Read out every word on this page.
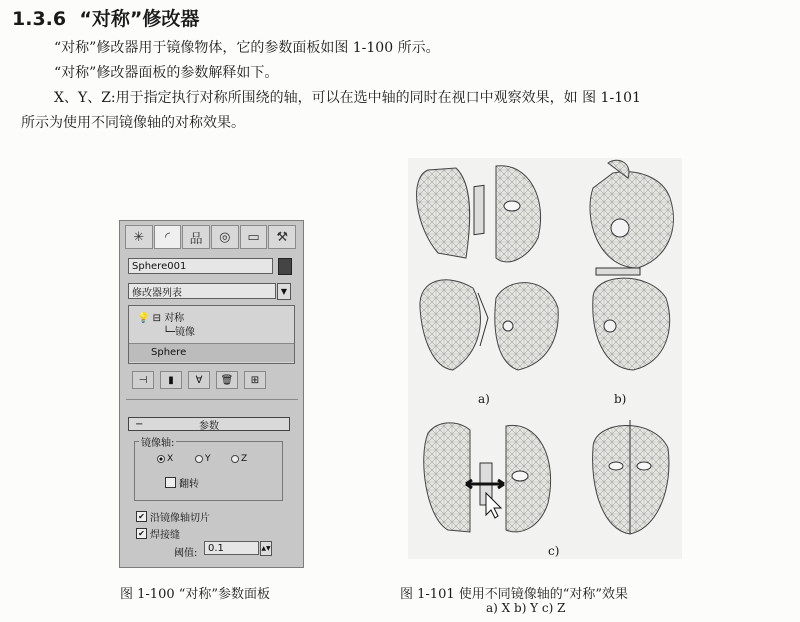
1.3.6 “对称”修改器
“对称”修改器用于镜像物体，它的参数面板如图 1-100 所示。
“对称”修改器面板的参数解释如下。
X、Y、Z:用于指定执行对称所围绕的轴，可以在选中轴的同时在视口中观察效果，如 图 1-101
所示为使用不同镜像轴的对称效果。
✳	◜	品	◎	▭	⚒
Sphere001
修改器列表	▼
💡 ⊟ 对称
└─镜像
Sphere
⊣	▮	∀	🗑	⊞
−	参数
镜像轴:
X	Y	Z
翻转
✔ 沿镜像轴切片
✔ 焊接缝
阈值:	0.1	▲▼
a)	b)
c)
图 1-100 “对称”参数面板	图 1-101 使用不同镜像轴的“对称”效果
a) X b) Y c) Z
